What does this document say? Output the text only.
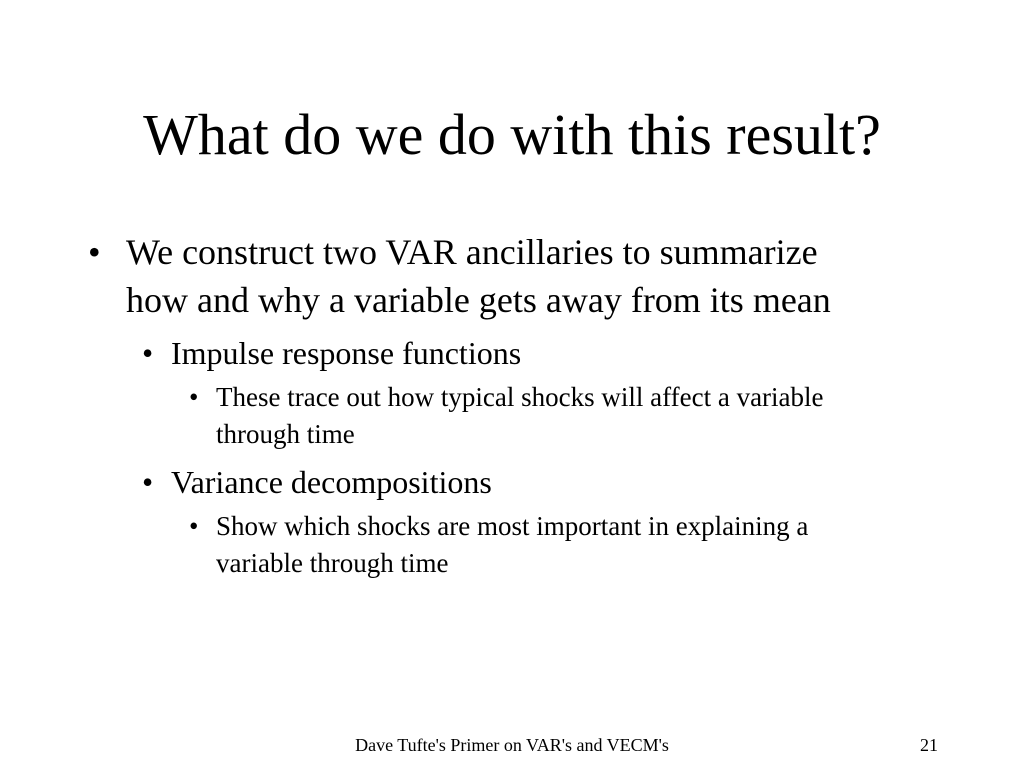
What do we do with this result?
• We construct two VAR ancillaries to summarize how and why a variable gets away from its mean
• Impulse response functions
• These trace out how typical shocks will affect a variable through time
• Variance decompositions
• Show which shocks are most important in explaining a variable through time
Dave Tufte's Primer on VAR's and VECM's	21
